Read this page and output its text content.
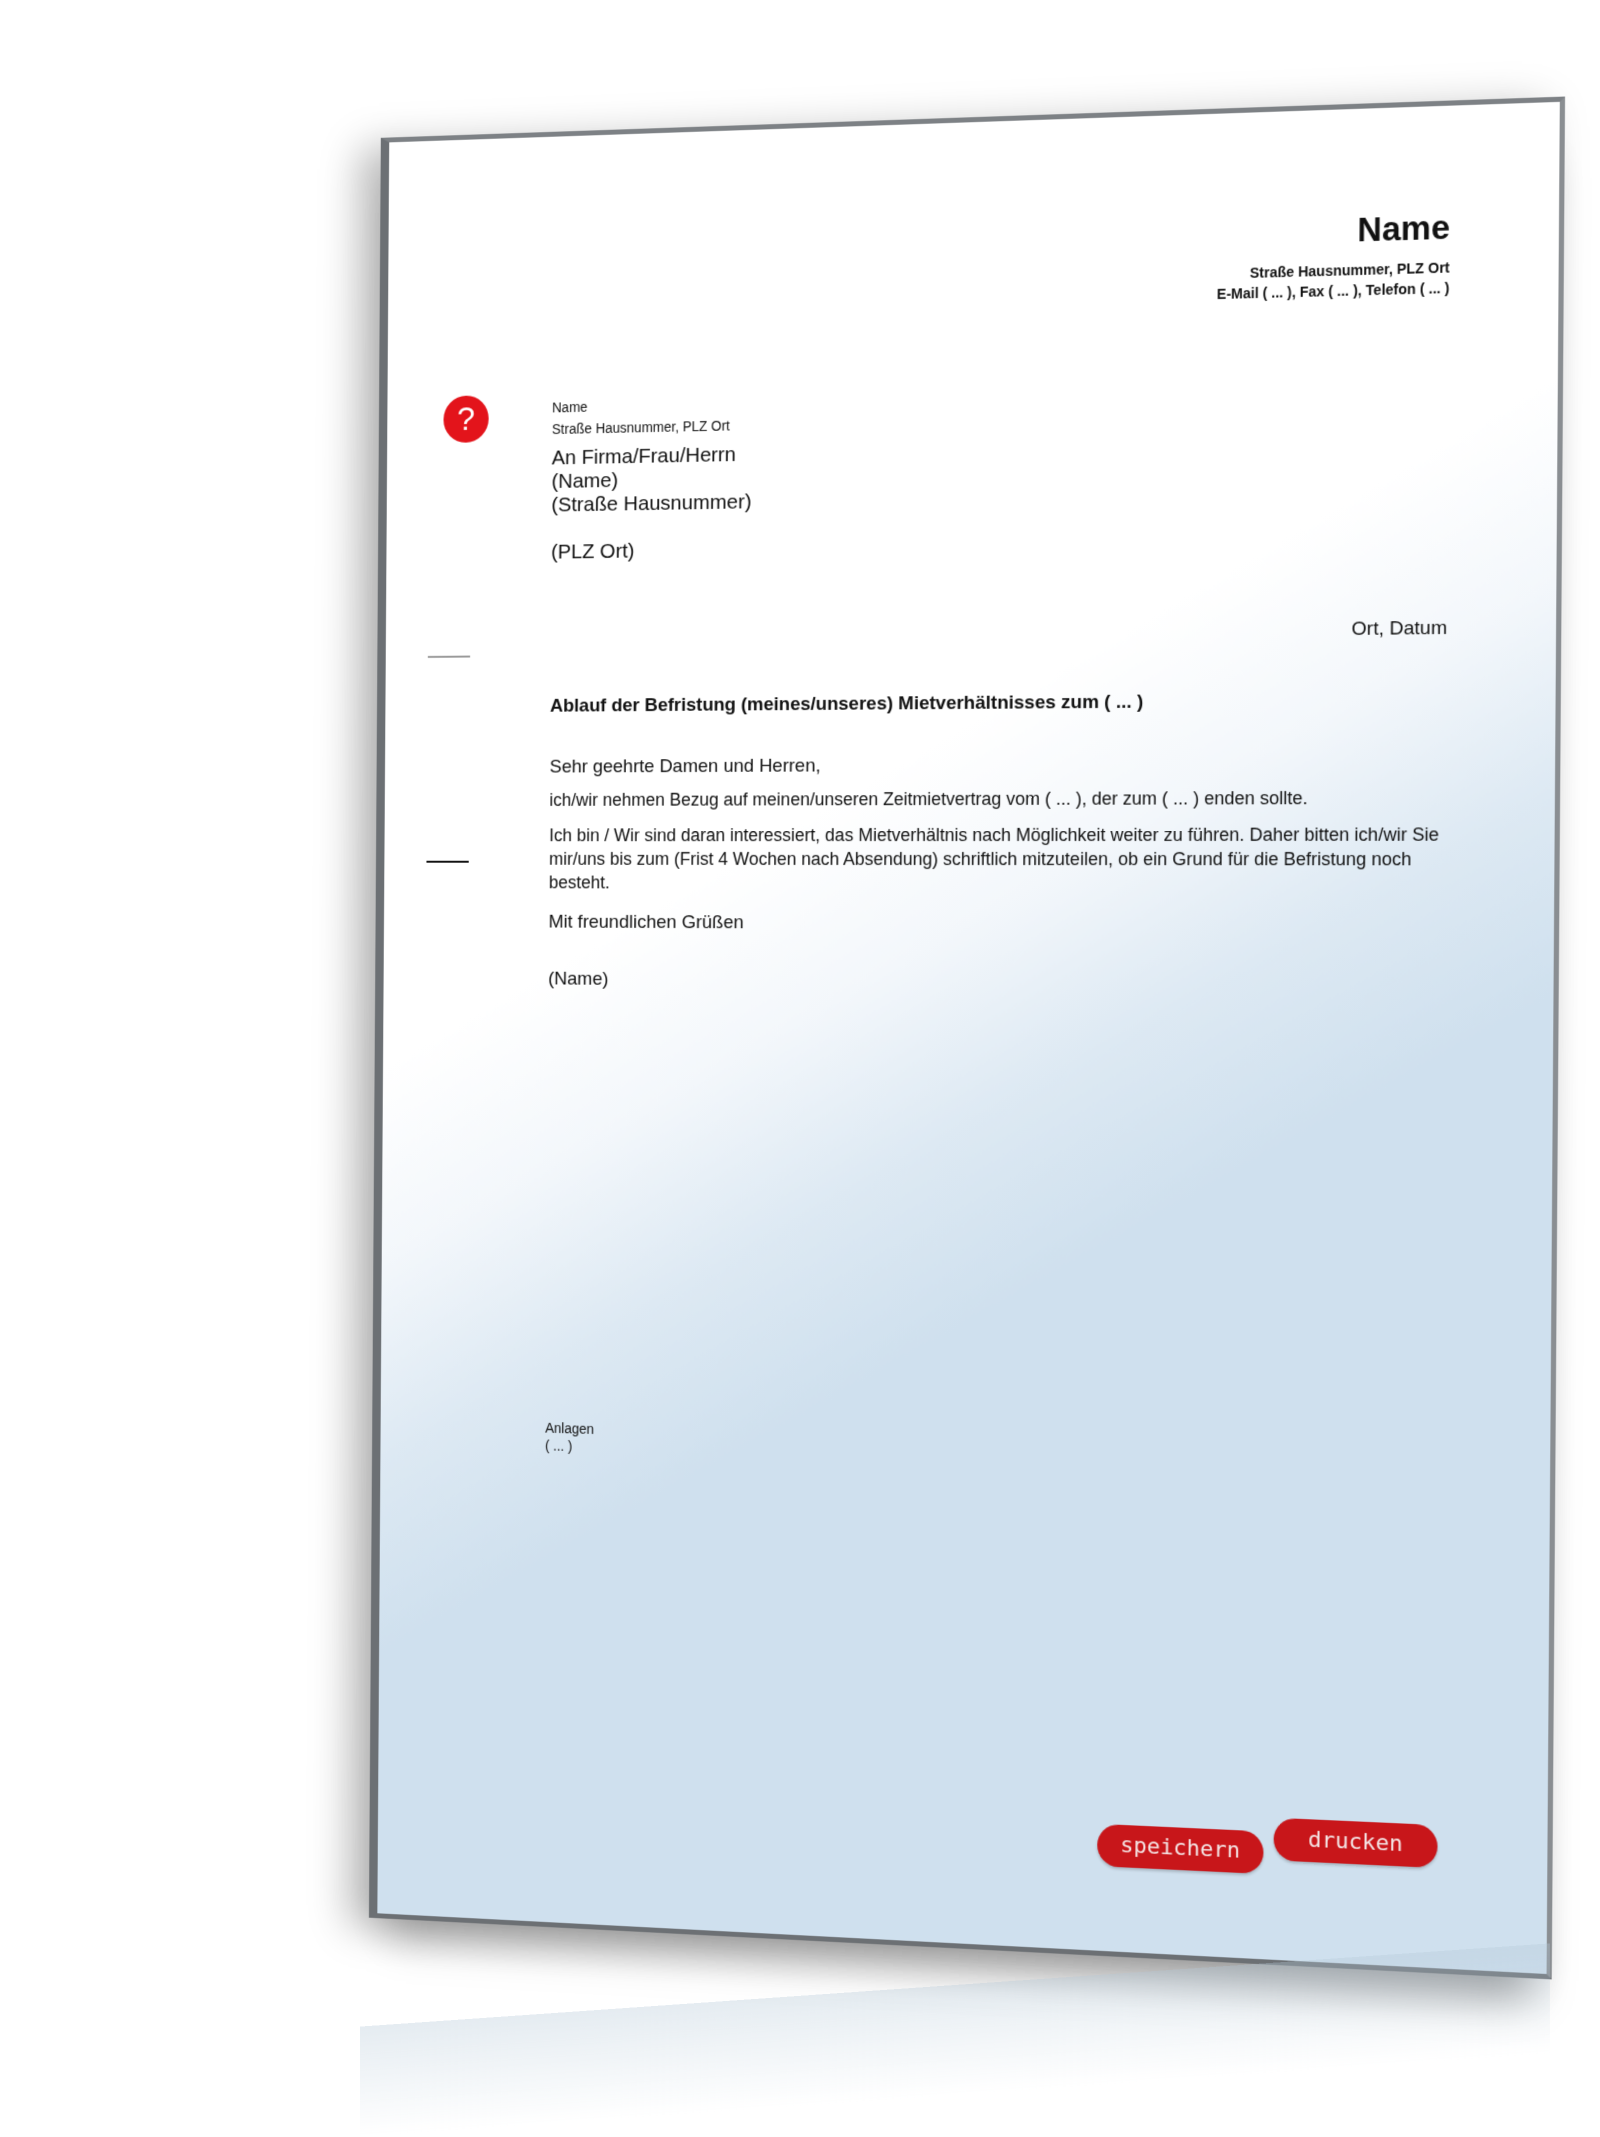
Name
Straße Hausnummer, PLZ Ort
E-Mail ( ... ), Fax ( ... ), Telefon ( ... )
?	Name
Straße Hausnummer, PLZ Ort
An Firma/Frau/Herrn
(Name)
(Straße Hausnummer)
(PLZ Ort)
Ort, Datum
Ablauf der Befristung (meines/unseres) Mietverhältnisses zum ( ... )
Sehr geehrte Damen und Herren,
ich/wir nehmen Bezug auf meinen/unseren Zeitmietvertrag vom ( ... ), der zum ( ... ) enden sollte.
Ich bin / Wir sind daran interessiert, das Mietverhältnis nach Möglichkeit weiter zu führen. Daher bitten ich/wir Sie mir/uns bis zum (Frist 4 Wochen nach Absendung) schriftlich mitzuteilen, ob ein Grund für die Befristung noch besteht.
Mit freundlichen Grüßen
(Name)
Anlagen
( ... )
speichern	drucken
